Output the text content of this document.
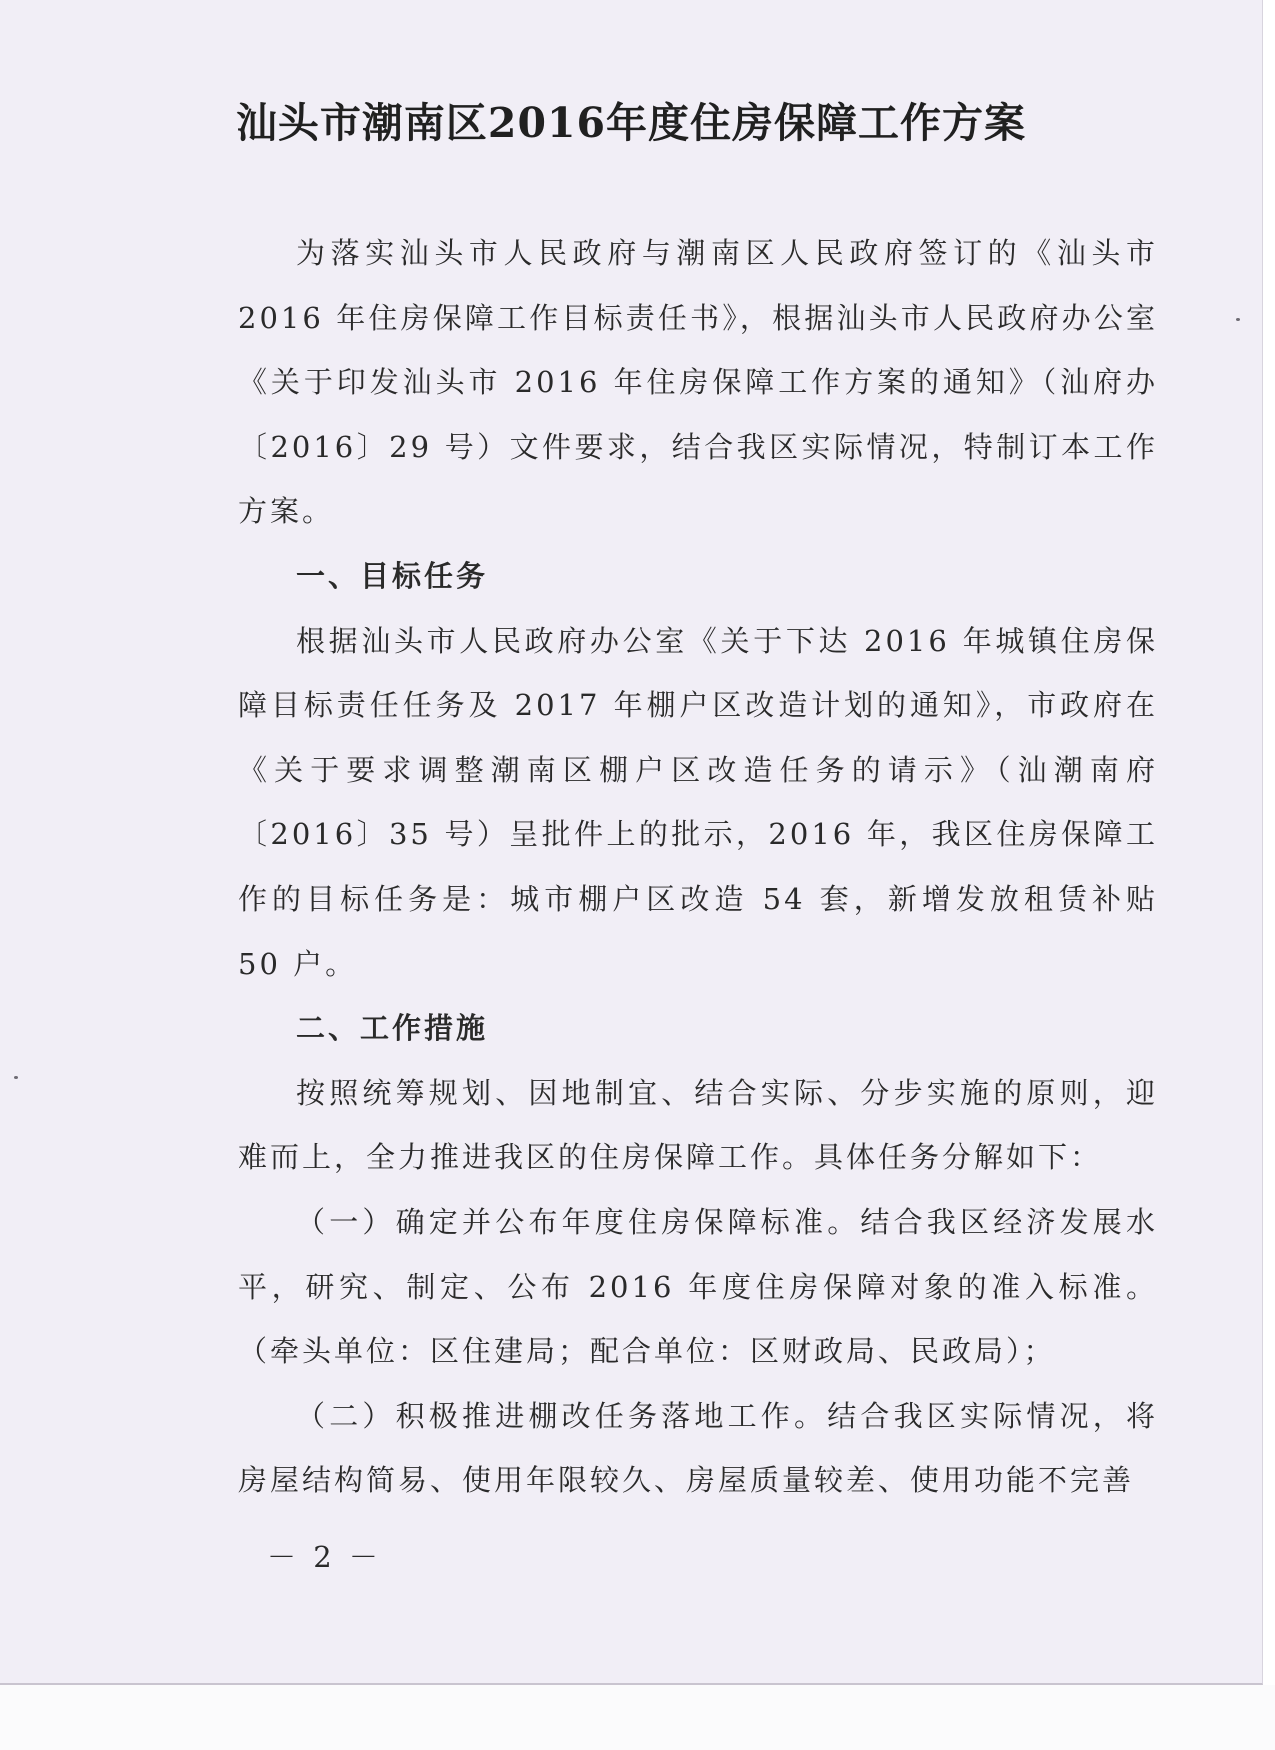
汕头市潮南区2016年度住房保障工作方案

为落实汕头市人民政府与潮南区人民政府签订的《汕头市2016 年住房保障工作目标责任书》，根据汕头市人民政府办公室《关于印发汕头市 2016 年住房保障工作方案的通知》（汕府办〔2016〕29 号）文件要求，结合我区实际情况，特制订本工作方案。

一、目标任务

根据汕头市人民政府办公室《关于下达 2016 年城镇住房保障目标责任任务及 2017 年棚户区改造计划的通知》，市政府在《关于要求调整潮南区棚户区改造任务的请示》（汕潮南府〔2016〕35 号）呈批件上的批示，2016 年，我区住房保障工作的目标任务是：城市棚户区改造 54 套，新增发放租赁补贴 50 户。

二、工作措施

按照统筹规划、因地制宜、结合实际、分步实施的原则，迎难而上，全力推进我区的住房保障工作。具体任务分解如下：

（一）确定并公布年度住房保障标准。结合我区经济发展水平，研究、制定、公布 2016 年度住房保障对象的准入标准。（牵头单位：区住建局；配合单位：区财政局、民政局）；

（二）积极推进棚改任务落地工作。结合我区实际情况，将房屋结构简易、使用年限较久、房屋质量较差、使用功能不完善

－ 2 －
